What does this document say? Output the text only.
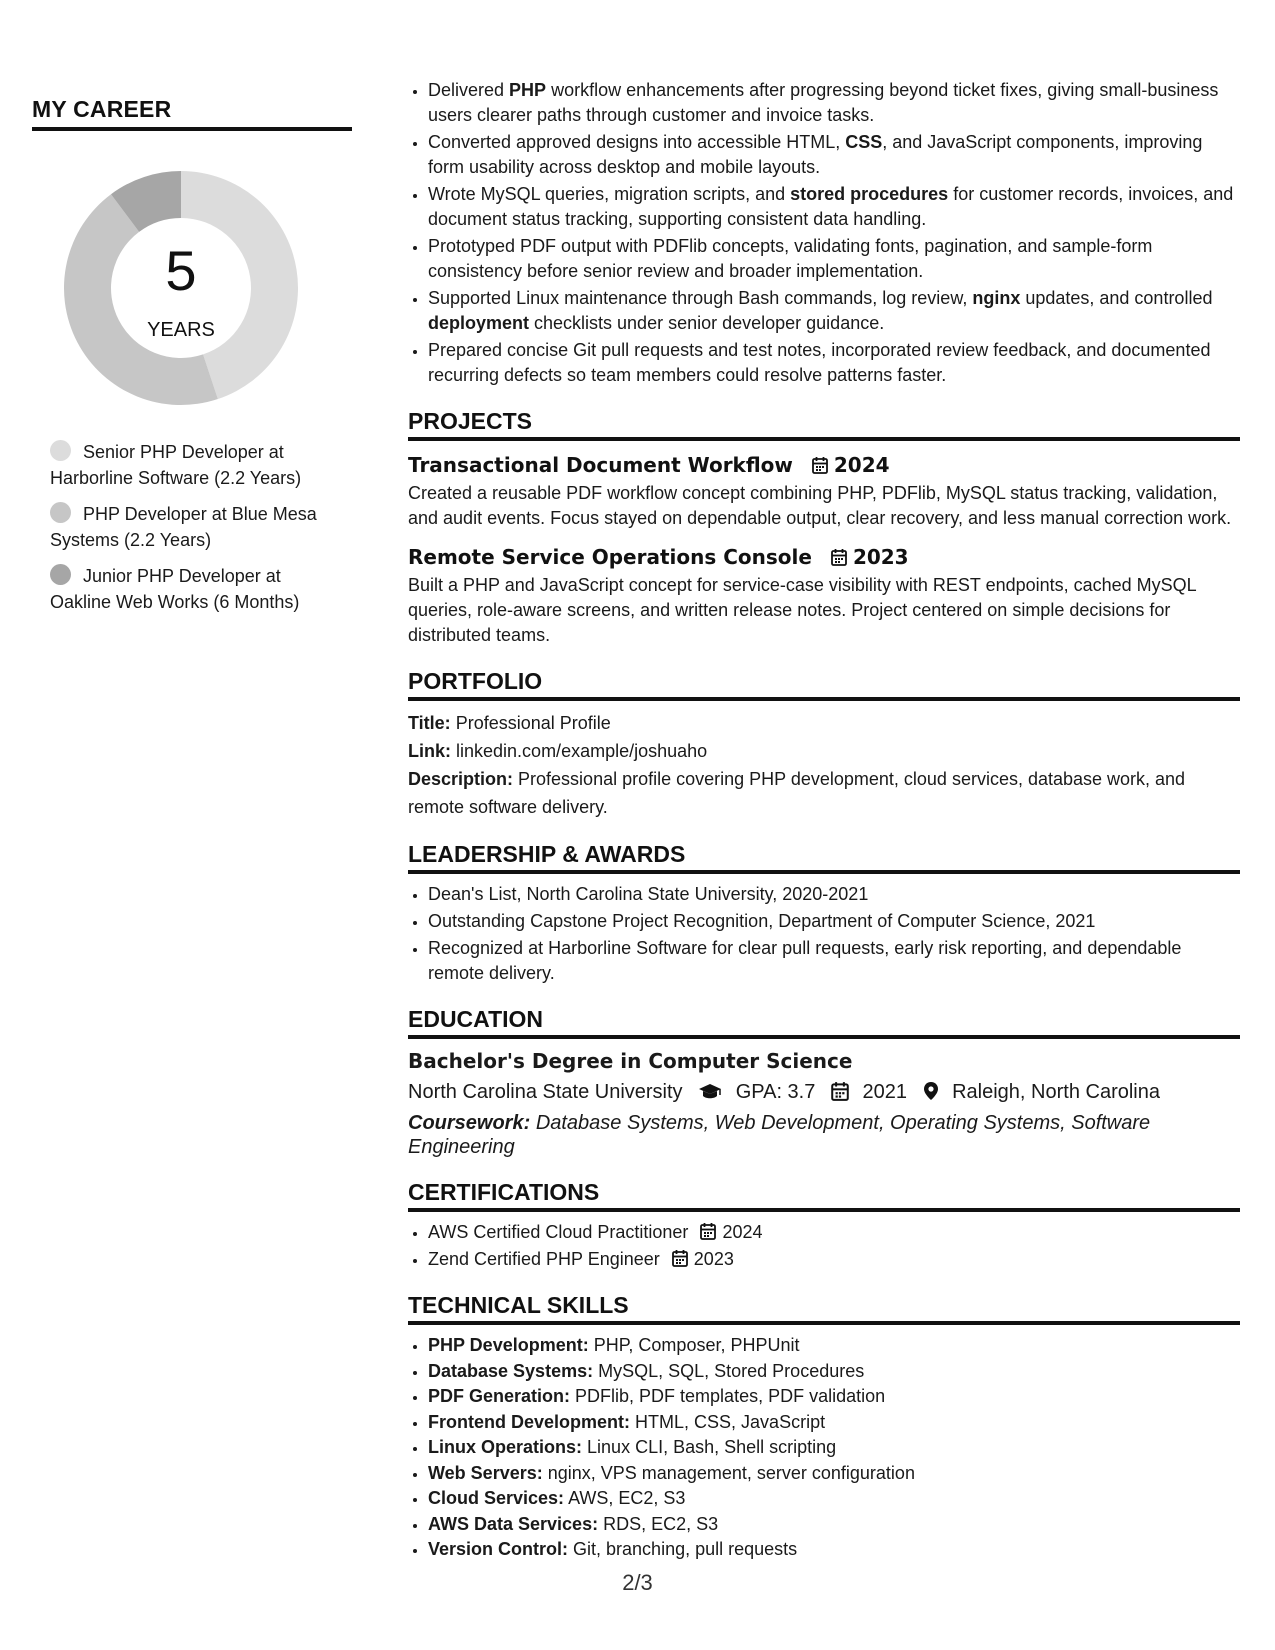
MY CAREER
5
YEARS
Senior PHP Developer at Harborline Software (2.2 Years)
PHP Developer at Blue Mesa Systems (2.2 Years)
Junior PHP Developer at Oakline Web Works (6 Months)
• Delivered PHP workflow enhancements after progressing beyond ticket fixes, giving small-business users clearer paths through customer and invoice tasks.
• Converted approved designs into accessible HTML, CSS, and JavaScript components, improving form usability across desktop and mobile layouts.
• Wrote MySQL queries, migration scripts, and stored procedures for customer records, invoices, and document status tracking, supporting consistent data handling.
• Prototyped PDF output with PDFlib concepts, validating fonts, pagination, and sample-form consistency before senior review and broader implementation.
• Supported Linux maintenance through Bash commands, log review, nginx updates, and controlled deployment checklists under senior developer guidance.
• Prepared concise Git pull requests and test notes, incorporated review feedback, and documented recurring defects so team members could resolve patterns faster.
PROJECTS
Transactional Document Workflow 2024
Created a reusable PDF workflow concept combining PHP, PDFlib, MySQL status tracking, validation, and audit events. Focus stayed on dependable output, clear recovery, and less manual correction work.
Remote Service Operations Console 2023
Built a PHP and JavaScript concept for service-case visibility with REST endpoints, cached MySQL queries, role-aware screens, and written release notes. Project centered on simple decisions for distributed teams.
PORTFOLIO
Title: Professional Profile
Link: linkedin.com/example/joshuaho
Description: Professional profile covering PHP development, cloud services, database work, and remote software delivery.
LEADERSHIP & AWARDS
• Dean's List, North Carolina State University, 2020-2021
• Outstanding Capstone Project Recognition, Department of Computer Science, 2021
• Recognized at Harborline Software for clear pull requests, early risk reporting, and dependable remote delivery.
EDUCATION
Bachelor's Degree in Computer Science
North Carolina State University	GPA: 3.7 2021 Raleigh, North Carolina
Coursework: Database Systems, Web Development, Operating Systems, Software Engineering
CERTIFICATIONS
• AWS Certified Cloud Practitioner 2024
• Zend Certified PHP Engineer 2023
TECHNICAL SKILLS
• PHP Development: PHP, Composer, PHPUnit
• Database Systems: MySQL, SQL, Stored Procedures
• PDF Generation: PDFlib, PDF templates, PDF validation
• Frontend Development: HTML, CSS, JavaScript
• Linux Operations: Linux CLI, Bash, Shell scripting
• Web Servers: nginx, VPS management, server configuration
• Cloud Services: AWS, EC2, S3
• AWS Data Services: RDS, EC2, S3
• Version Control: Git, branching, pull requests
2/3
